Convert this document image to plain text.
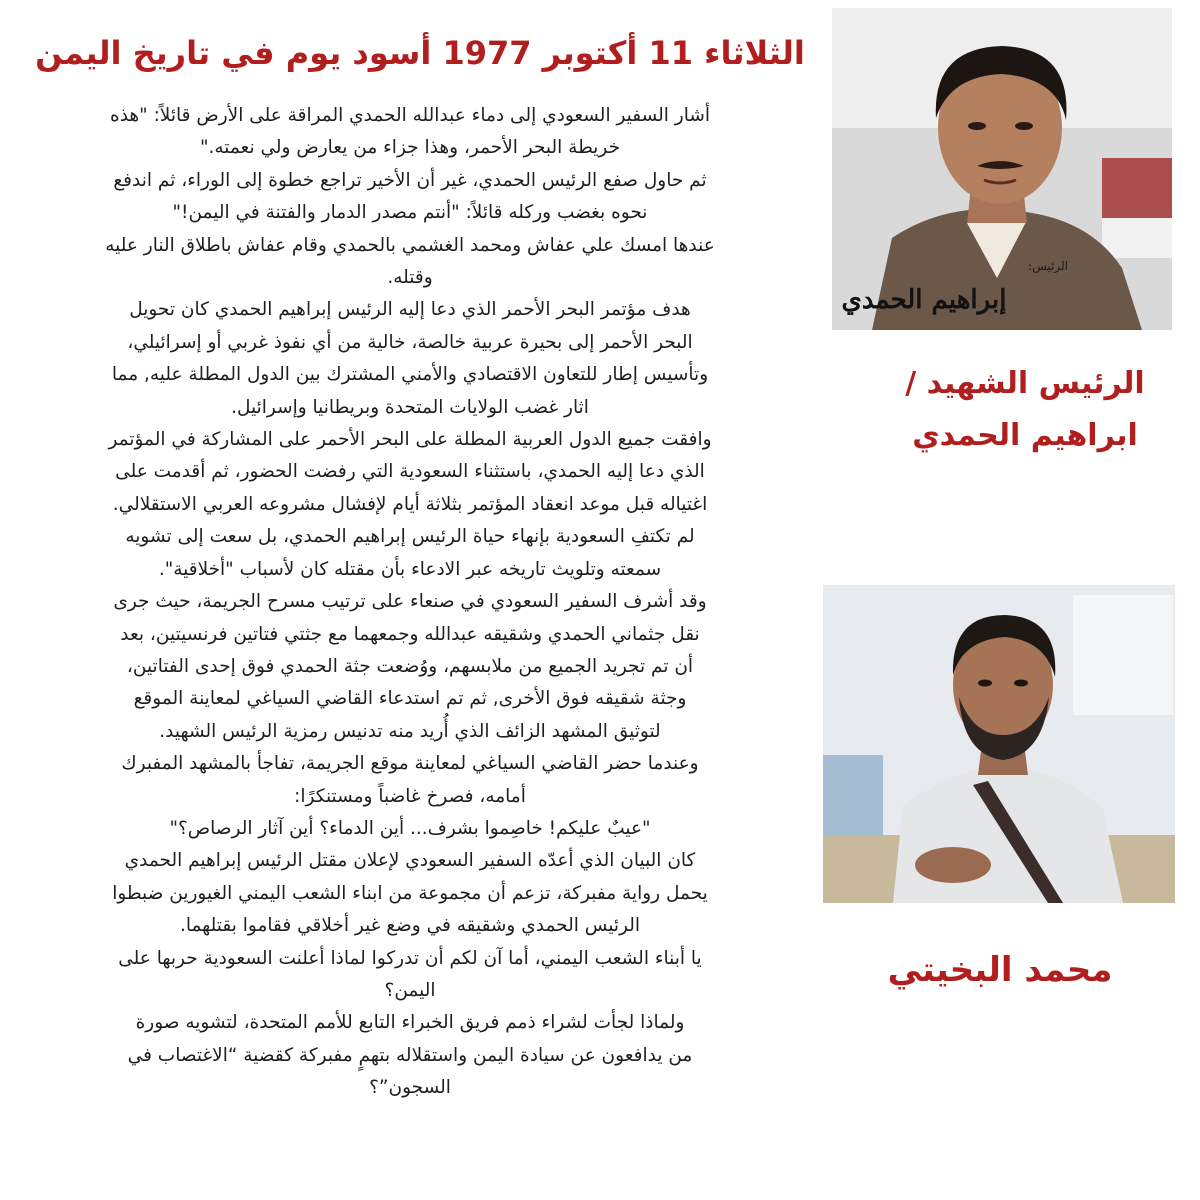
الثلاثاء 11 أكتوبر 1977 أسود يوم في تاريخ اليمن

أشار السفير السعودي إلى دماء عبدالله الحمدي المراقة على الأرض قائلاً: "هذه

خريطة البحر الأحمر، وهذا جزاء من يعارض ولي نعمته."

ثم حاول صفع الرئيس الحمدي، غير أن الأخير تراجع خطوة إلى الوراء، ثم اندفع

نحوه بغضب وركله قائلاً: "أنتم مصدر الدمار والفتنة في اليمن!"

عندها امسك علي عفاش ومحمد الغشمي بالحمدي وقام عفاش باطلاق النار عليه

وقتله.

هدف مؤتمر البحر الأحمر الذي دعا إليه الرئيس إبراهيم الحمدي كان تحويل

البحر الأحمر إلى بحيرة عربية خالصة، خالية من أي نفوذ غربي أو إسرائيلي،

وتأسيس إطار للتعاون الاقتصادي والأمني المشترك بين الدول المطلة عليه, مما

اثار غضب الولايات المتحدة وبريطانيا وإسرائيل.

وافقت جميع الدول العربية المطلة على البحر الأحمر على المشاركة في المؤتمر

الذي دعا إليه الحمدي، باستثناء السعودية التي رفضت الحضور، ثم أقدمت على

اغتياله قبل موعد انعقاد المؤتمر بثلاثة أيام لإفشال مشروعه العربي الاستقلالي.

لم تكتفِ السعودية بإنهاء حياة الرئيس إبراهيم الحمدي، بل سعت إلى تشويه

سمعته وتلويث تاريخه عبر الادعاء بأن مقتله كان لأسباب "أخلاقية".

وقد أشرف السفير السعودي في صنعاء على ترتيب مسرح الجريمة، حيث جرى

نقل جثماني الحمدي وشقيقه عبدالله وجمعهما مع جثتي فتاتين فرنسيتين، بعد

أن تم تجريد الجميع من ملابسهم، ووُضعت جثة الحمدي فوق إحدى الفتاتين،

وجثة شقيقه فوق الأخرى, ثم تم استدعاء القاضي السياغي لمعاينة الموقع

لتوثيق المشهد الزائف الذي أُريد منه تدنيس رمزية الرئيس الشهيد.

وعندما حضر القاضي السياغي لمعاينة موقع الجريمة، تفاجأ بالمشهد المفبرك

أمامه، فصرخ غاضباً ومستنكرًا:

"عيبٌ عليكم! خاصِموا بشرف... أين الدماء؟ أين آثار الرصاص؟"

كان البيان الذي أعدّه السفير السعودي لإعلان مقتل الرئيس إبراهيم الحمدي

يحمل رواية مفبركة، تزعم أن مجموعة من ابناء الشعب اليمني الغيورين ضبطوا

الرئيس الحمدي وشقيقه في وضع غير أخلاقي فقاموا بقتلهما.

يا أبناء الشعب اليمني، أما آن لكم أن تدركوا لماذا أعلنت السعودية حربها على

اليمن؟

ولماذا لجأت لشراء ذمم فريق الخبراء التابع للأمم المتحدة، لتشويه صورة

من يدافعون عن سيادة اليمن واستقلاله بتهمٍ مفبركة كقضية “الاغتصاب في

السجون”؟

الرئيس:
إبراهيم الحمدي
الرئيس الشهيد /
ابراهيم الحمدي
محمد البخيتي
